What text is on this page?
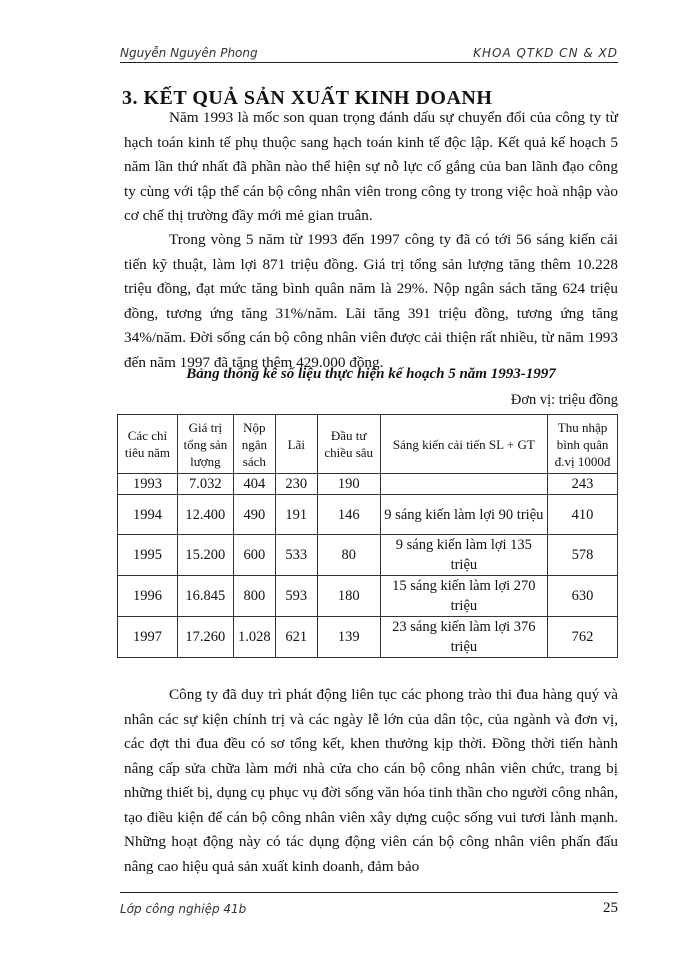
Nguyễn Nguyên Phong	KHOA QTKD CN & XD
3. KẾT QUẢ SẢN XUẤT KINH DOANH

Năm 1993 là mốc son quan trọng đánh dấu sự chuyển đổi của công ty từ hạch toán kinh tế phụ thuộc sang hạch toán kinh tế độc lập. Kết quả kế hoạch 5 năm lần thứ nhất đã phần nào thể hiện sự nỗ lực cố gắng của ban lãnh đạo công ty cùng với tập thể cán bộ công nhân viên trong công ty trong việc hoà nhập vào cơ chế thị trường đầy mới mẻ gian truân.

Trong vòng 5 năm từ 1993 đến 1997 công ty đã có tới 56 sáng kiến cải tiến kỹ thuật, làm lợi 871 triệu đồng. Giá trị tổng sản lượng tăng thêm 10.228 triệu đồng, đạt mức tăng bình quân năm là 29%. Nộp ngân sách tăng 624 triệu đồng, tương ứng tăng 31%/năm. Lãi tăng 391 triệu đồng, tương ứng tăng 34%/năm. Đời sống cán bộ công nhân viên được cải thiện rất nhiều, từ năm 1993 đến năm 1997 đã tăng thêm 429.000 đồng.

Bảng thống kê số liệu thực hiện kế hoạch 5 năm 1993-1997

Đơn vị: triệu đồng
Các chỉ tiêu năm	Giá trị tổng sản lượng	Nộp ngân sách	Lãi	Đầu tư chiều sâu	Sáng kiến cải tiến SL + GT	Thu nhập bình quân đ.vị 1000đ
1993	7.032	404	230	190		243
1994	12.400	490	191	146	9 sáng kiến làm lợi 90 triệu	410
1995	15.200	600	533	80	9 sáng kiến làm lợi 135 triệu	578
1996	16.845	800	593	180	15 sáng kiến làm lợi 270 triệu	630
1997	17.260	1.028	621	139	23 sáng kiến làm lợi 376 triệu	762

Công ty đã duy trì phát động liên tục các phong trào thi đua hàng quý và nhân các sự kiện chính trị và các ngày lễ lớn của dân tộc, của ngành và đơn vị, các đợt thi đua đều có sơ tổng kết, khen thưởng kịp thời. Đồng thời tiến hành nâng cấp sửa chữa làm mới nhà cửa cho cán bộ công nhân viên chức, trang bị những thiết bị, dụng cụ phục vụ đời sống văn hóa tinh thần cho người công nhân, tạo điều kiện để cán bộ công nhân viên xây dựng cuộc sống vui tươi lành mạnh. Những hoạt động này có tác dụng động viên cán bộ công nhân viên phấn đấu nâng cao hiệu quả sản xuất kinh doanh, đảm bảo

Lớp công nghiệp 41b	25
